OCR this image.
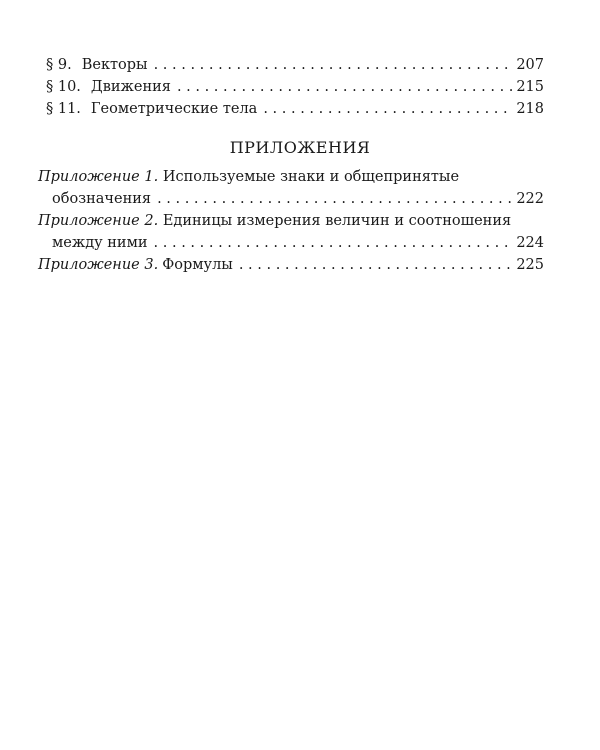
§ 9. Векторы . . .	207
§ 10. Движения . . .	215
§ 11. Геометрические тела . . .	218
ПРИЛОЖЕНИЯ
Приложение 1. Используемые знаки и общепринятые
обозначения . . .	222
Приложение 2. Единицы измерения величин и соотношения
между ними . . .	224
Приложение 3. Формулы . . .	225
